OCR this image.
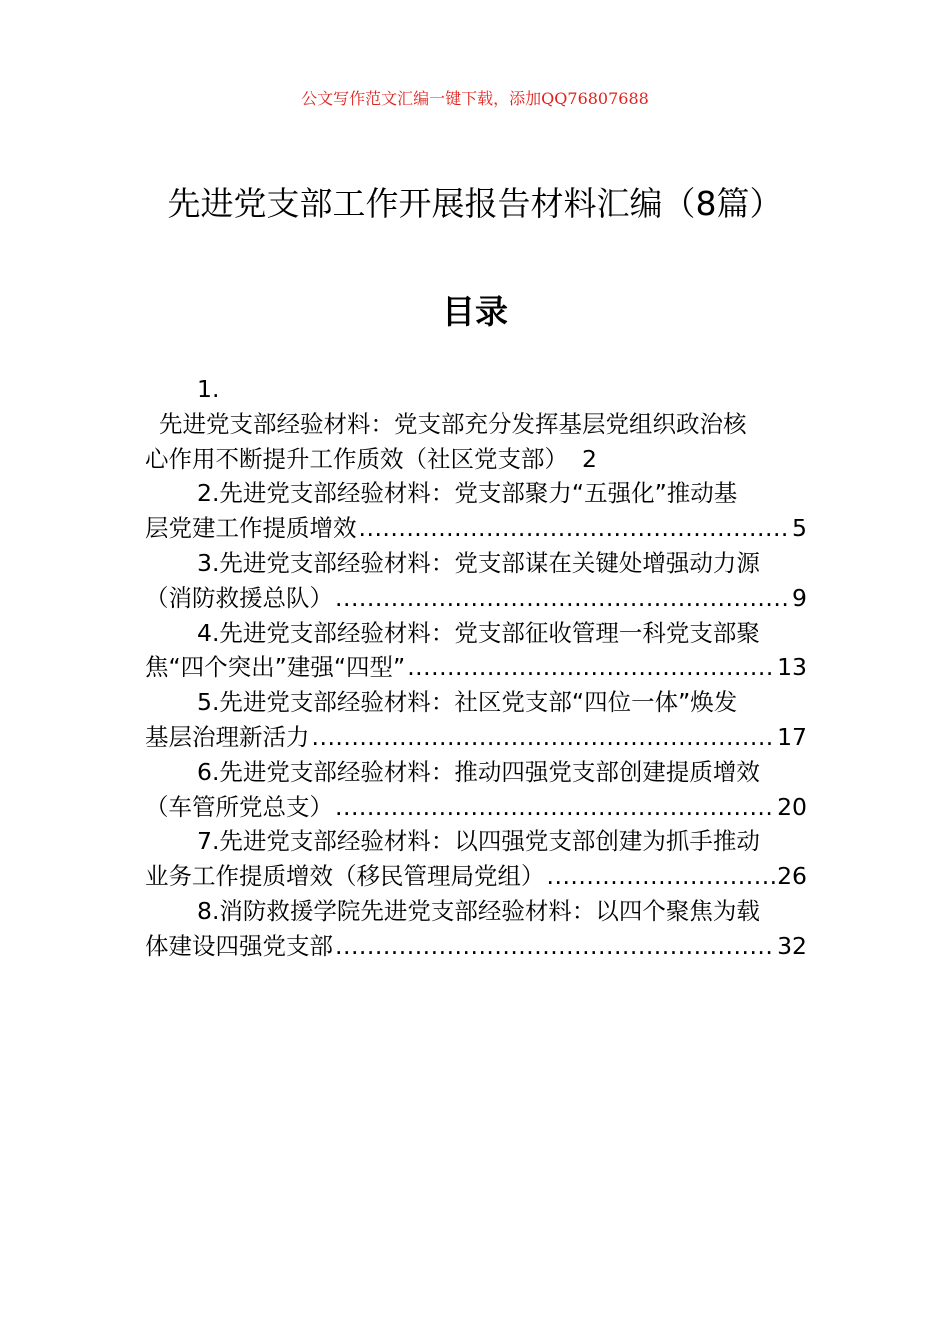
公文写作范文汇编一键下载，添加QQ76807688
先进党支部工作开展报告材料汇编（8篇）
目录
1.
先进党支部经验材料：党支部充分发挥基层党组织政治核
心作用不断提升工作质效（社区党支部） 2
2.先进党支部经验材料：党支部聚力“五强化”推动基
层党建工作提质增效 .....	5
3.先进党支部经验材料：党支部谋在关键处增强动力源
（消防救援总队） .....	9
4.先进党支部经验材料：党支部征收管理一科党支部聚
焦“四个突出”建强“四型” .....	13
5.先进党支部经验材料：社区党支部“四位一体”焕发
基层治理新活力 .....	17
6.先进党支部经验材料：推动四强党支部创建提质增效
（车管所党总支） .....	20
7.先进党支部经验材料：以四强党支部创建为抓手推动
业务工作提质增效（移民管理局党组） .....	26
8.消防救援学院先进党支部经验材料：以四个聚焦为载
体建设四强党支部 .....	32
